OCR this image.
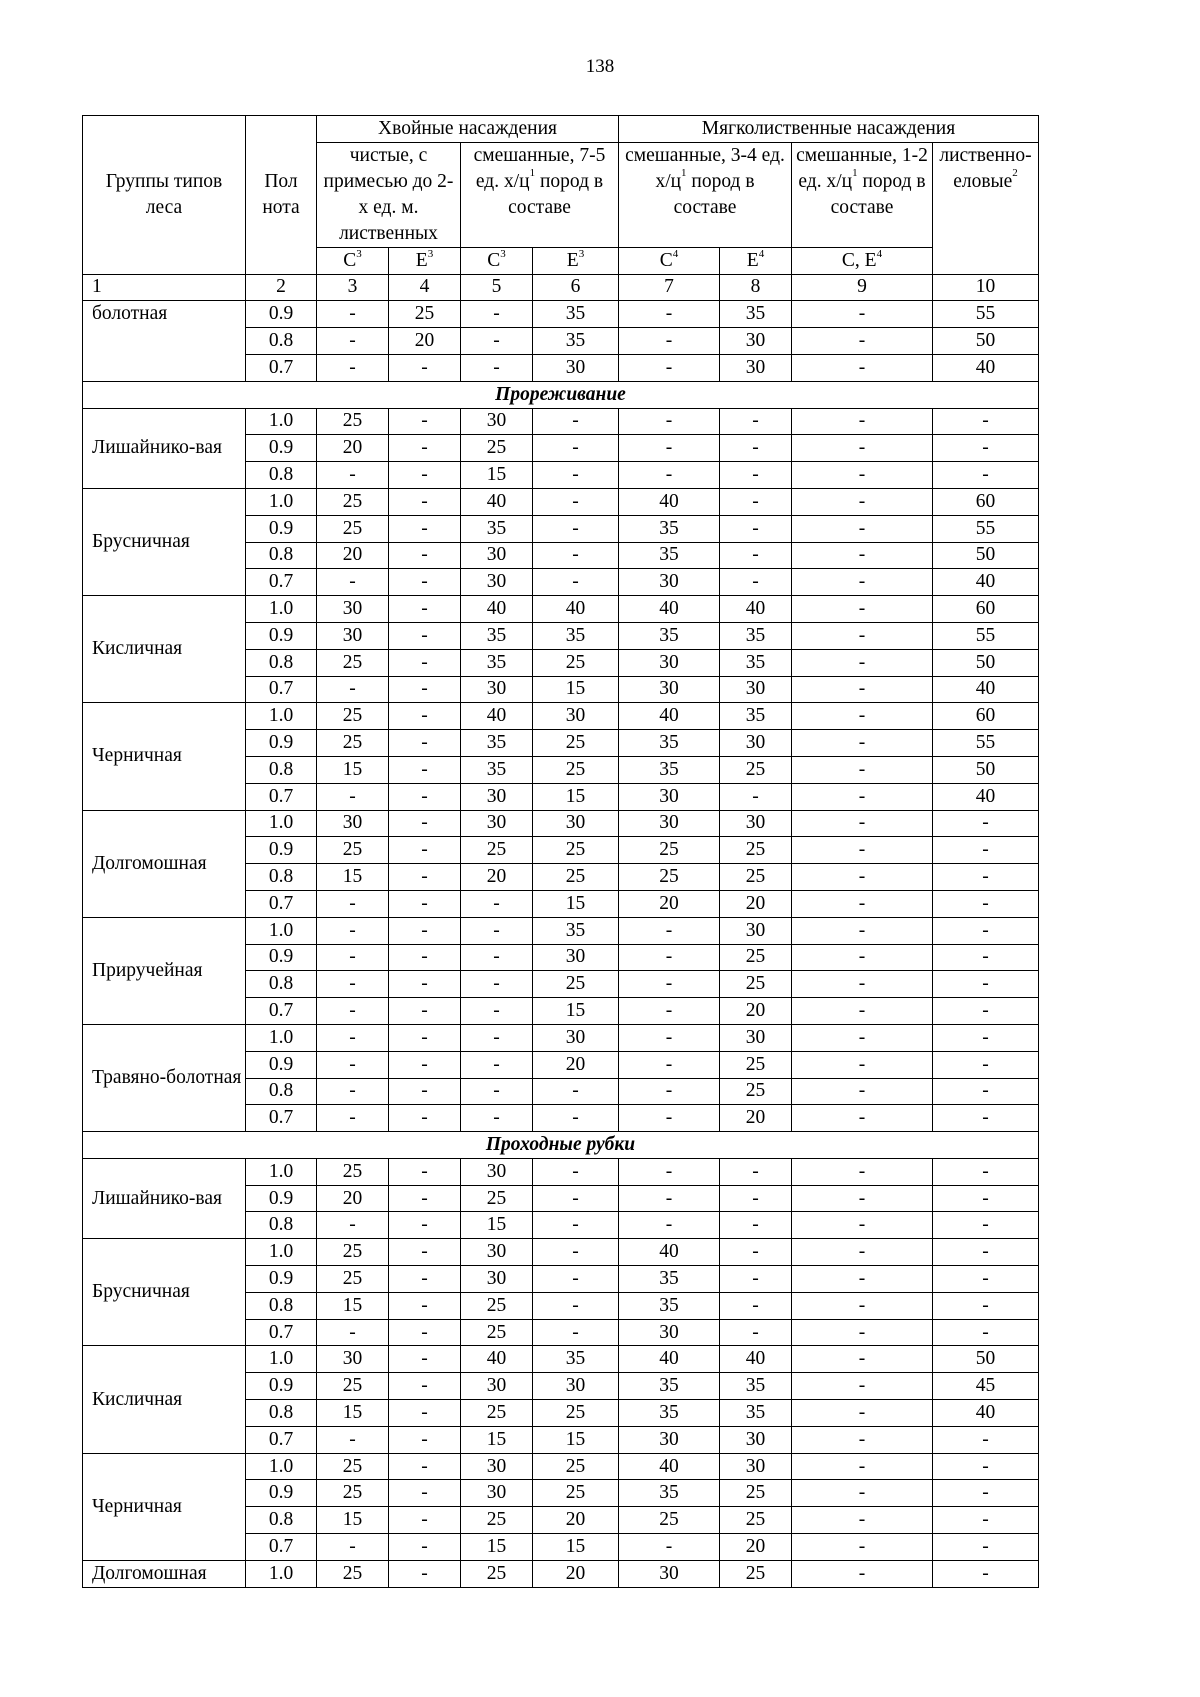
138
Группы типов леса	Пол нота	Хвойные насаждения				Мягколиственные насаждения			
		чистые, с примесью до 2-х ед. м. лиственных		смешанные, 7-5 ед. $х/ц^1$ пород в составе		смешанные, 3-4 ед. $х/ц^1$ пород в составе		смешанные, 1-2 ед. $х/ц^1$ пород в составе	лиственноеловые$^2$
		$С^3$	$Е^3$	$С^3$	$Е^3$	$С^4$	$Е^4$	С, $Е^4$
1	2	3	4	5	6	7	8	9	10
болотная	0.9	-	25	-	35	-	35	-	55
	0.8	-	20	-	35	-	30	-	50
	0.7	-	-	-	30	-	30	-	40
Прореживание									
Лишайнико-вая	1.0	25	-	30	-	-	-	-	-
	0.9	20	-	25	-	-	-	-	-
	0.8	-	-	15	-	-	-	-	-
Брусничная	1.0	25	-	40	-	40	-	-	60
	0.9	25	-	35	-	35	-	-	55
	0.8	20	-	30	-	35	-	-	50
	0.7	-	-	30	-	30	-	-	40
Кисличная	1.0	30	-	40	40	40	40	-	60
	0.9	30	-	35	35	35	35	-	55
	0.8	25	-	35	25	30	35	-	50
	0.7	-	-	30	15	30	30	-	40
Черничная	1.0	25	-	40	30	40	35	-	60
	0.9	25	-	35	25	35	30	-	55
	0.8	15	-	35	25	35	25	-	50
	0.7	-	-	30	15	30	-	-	40
Долгомошная	1.0	30	-	30	30	30	30	-	-
	0.9	25	-	25	25	25	25	-	-
	0.8	15	-	20	25	25	25	-	-
	0.7	-	-	-	15	20	20	-	-
Приручейная	1.0	-	-	-	35	-	30	-	-
	0.9	-	-	-	30	-	25	-	-
	0.8	-	-	-	25	-	25	-	-
	0.7	-	-	-	15	-	20	-	-
Травяно-болотная	1.0	-	-	-	30	-	30	-	-
	0.9	-	-	-	20	-	25	-	-
	0.8	-	-	-	-	-	25	-	-
	0.7	-	-	-	-	-	20	-	-
Проходные рубки									
Лишайнико-вая	1.0	25	-	30	-	-	-	-	-
	0.9	20	-	25	-	-	-	-	-
	0.8	-	-	15	-	-	-	-	-
Брусничная	1.0	25	-	30	-	40	-	-	-
	0.9	25	-	30	-	35	-	-	-
	0.8	15	-	25	-	35	-	-	-
	0.7	-	-	25	-	30	-	-	-
Кисличная	1.0	30	-	40	35	40	40	-	50
	0.9	25	-	30	30	35	35	-	45
	0.8	15	-	25	25	35	35	-	40
	0.7	-	-	15	15	30	30	-	-
Черничная	1.0	25	-	30	25	40	30	-	-
	0.9	25	-	30	25	35	25	-	-
	0.8	15	-	25	20	25	25	-	-
	0.7	-	-	15	15	-	20	-	-
Долгомошная	1.0	25	-	25	20	30	25	-	-
